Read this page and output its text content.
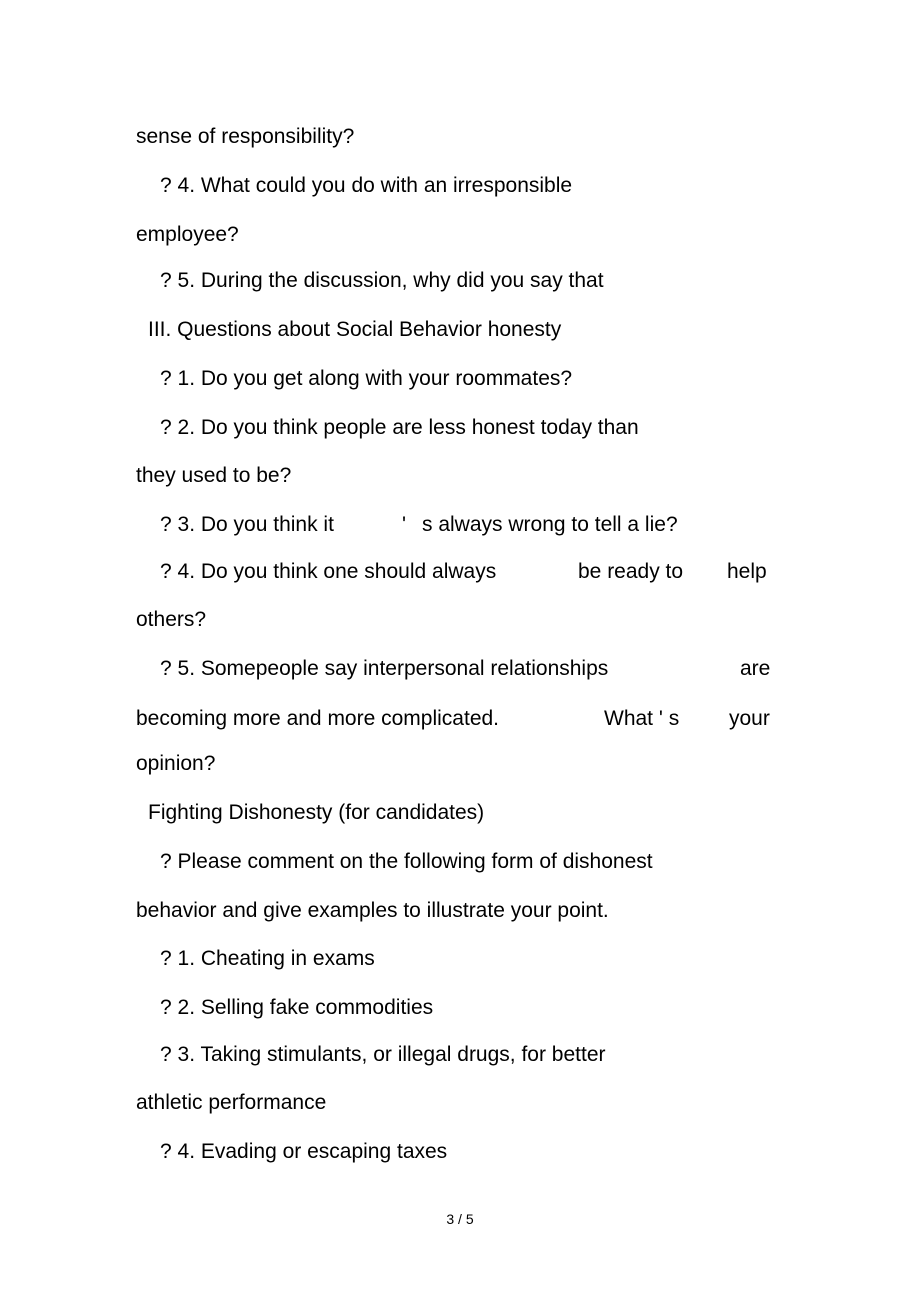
sense of responsibility?
? 4. What could you do with an irresponsible
employee?
? 5. During the discussion, why did you say that
III. Questions about Social Behavior honesty
? 1. Do you get along with your roommates?
? 2. Do you think people are less honest today than
they used to be?
? 3. Do you think it	' s always wrong to tell a lie?
? 4. Do you think one should always	be ready to help
others?
? 5. Somepeople say interpersonal relationships	are
becoming more and more complicated.	What ' s your
opinion?
Fighting Dishonesty (for candidates)
? Please comment on the following form of dishonest
behavior and give examples to illustrate your point.
? 1. Cheating in exams
? 2. Selling fake commodities
? 3. Taking stimulants, or illegal drugs, for better
athletic performance
? 4. Evading or escaping taxes
3 / 5
